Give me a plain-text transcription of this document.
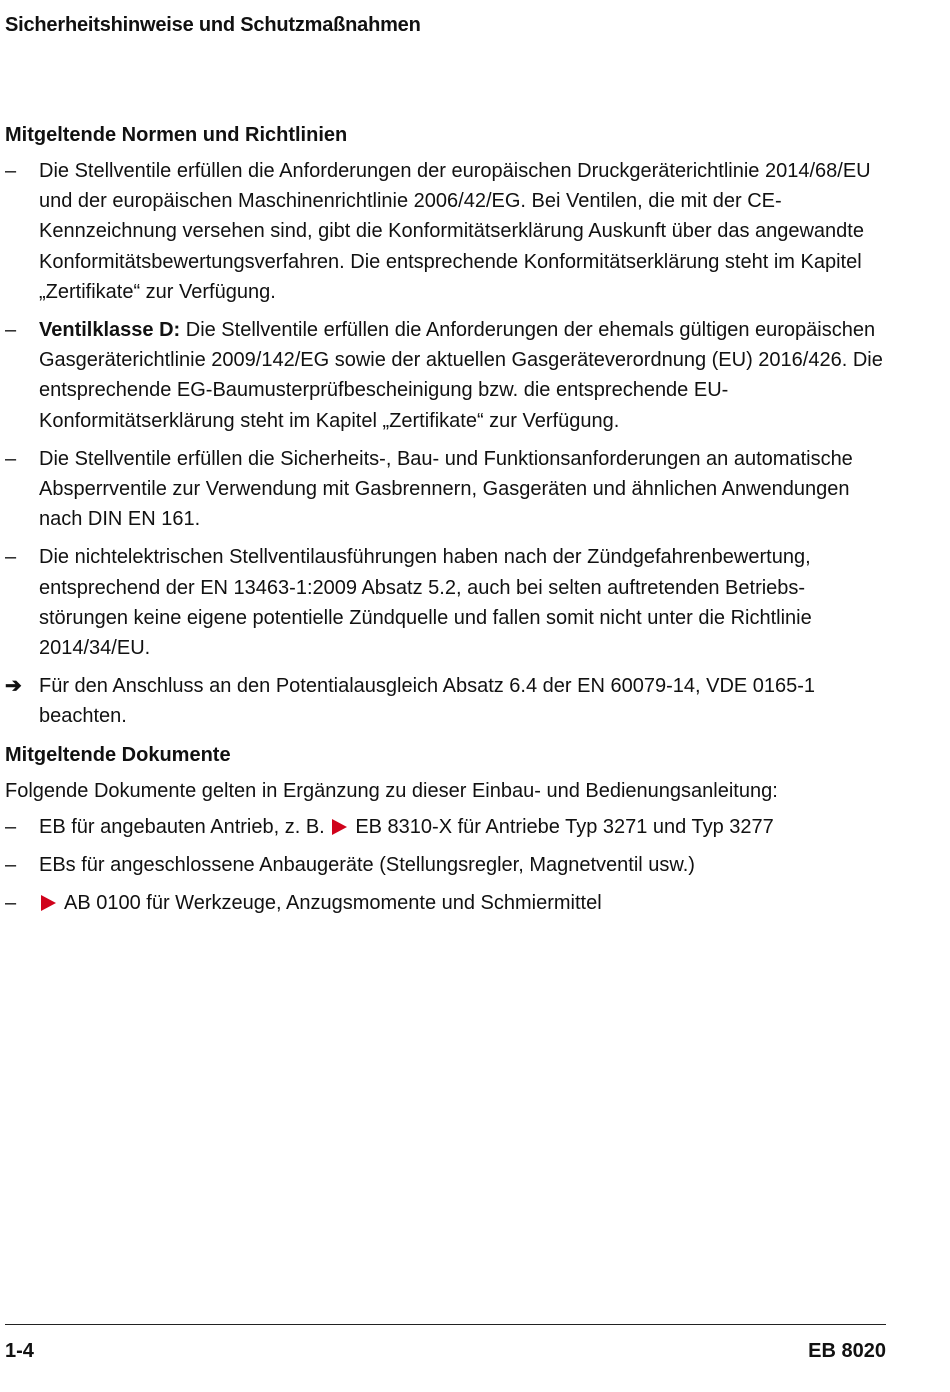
Sicherheitshinweise und Schutzmaßnahmen
Mitgeltende Normen und Richtlinien
–	Die Stellventile erfüllen die Anforderungen der europäischen Druckgeräterichtlinie 2014/68/EU und der europäischen Maschinenrichtlinie 2006/42/EG. Bei Ventilen, die mit der CE-Kennzeichnung versehen sind, gibt die Konformitätserklärung Auskunft über das angewandte Konformitätsbewertungsverfahren. Die entsprechende Konformitätserklärung steht im Kapitel „Zertifikate“ zur Verfügung.
–	Ventilklasse D: Die Stellventile erfüllen die Anforderungen der ehemals gültigen europäischen Gasgeräterichtlinie 2009/142/EG sowie der aktuellen Gasgeräteverordnung (EU) 2016/426. Die entsprechende EG-Baumusterprüfbescheinigung bzw. die entsprechende EU-Konformitätserklärung steht im Kapitel „Zertifikate“ zur Verfügung.
–	Die Stellventile erfüllen die Sicherheits-, Bau- und Funktionsanforderungen an automatische Absperrventile zur Verwendung mit Gasbrennern, Gasgeräten und ähnlichen Anwendungen nach DIN EN 161.
–	Die nichtelektrischen Stellventilausführungen haben nach der Zündgefahrenbewertung, entsprechend der EN 13463-1:2009 Absatz 5.2, auch bei selten auftretenden Betriebsstörungen keine eigene potentielle Zündquelle und fallen somit nicht unter die Richtlinie 2014/34/EU.
➔ Für den Anschluss an den Potentialausgleich Absatz 6.4 der EN 60079-14, VDE 0165-1 beachten.
Mitgeltende Dokumente
Folgende Dokumente gelten in Ergänzung zu dieser Einbau- und Bedienungsanleitung:
–	EB für angebauten Antrieb, z. B. EB 8310-X für Antriebe Typ 3271 und Typ 3277
–	EBs für angeschlossene Anbaugeräte (Stellungsregler, Magnetventil usw.)
–	AB 0100 für Werkzeuge, Anzugsmomente und Schmiermittel
1-4	EB 8020
